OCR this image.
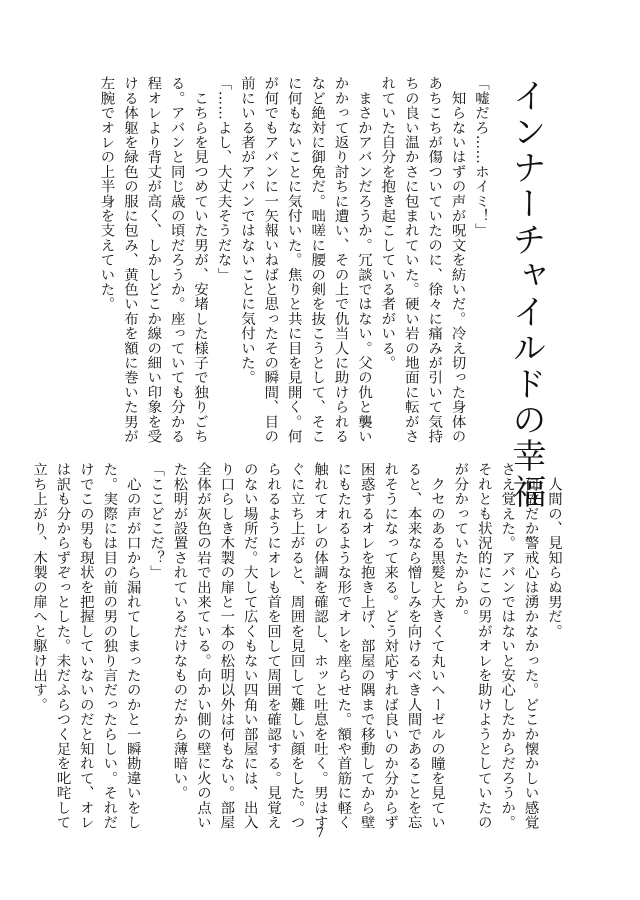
インナーチャイルドの幸福

「嘘だろ……ホイミ！」

　知らないはずの声が呪文を紡いだ。冷え切った身体の

あちこちが傷ついていたのに、徐々に痛みが引いて気持

ちの良い温かさに包まれていた。硬い岩の地面に転がさ

れていた自分を抱き起こしている者がいる。

　まさかアバンだろうか。冗談ではない。父の仇と襲い

かかって返り討ちに遭い、その上で仇当人に助けられる

など絶対に御免だ。咄嗟に腰の剣を抜こうとして、そこ

に何もないことに気付いた。焦りと共に目を見開く。何

が何でもアバンに一矢報いねばと思ったその瞬間、目の

前にいる者がアバンではないことに気付いた。

「……よし、大丈夫そうだな」

　こちらを見つめていた男が、安堵した様子で独りごち

る。アバンと同じ歳の頃だろうか。座っていても分かる

程オレより背丈が高く、しかしどこか線の細い印象を受

ける体躯を緑色の服に包み、黄色い布を額に巻いた男が

左腕でオレの上半身を支えていた。

　人間の、見知らぬ男だ。

　何故だか警戒心は湧かなかった。どこか懐かしい感覚

さえ覚えた。アバンではないと安心したからだろうか。

それとも状況的にこの男がオレを助けようとしていたの

が分かっていたからか。

　クセのある黒髪と大きくて丸いヘーゼルの瞳を見てい

ると、本来なら憎しみを向けるべき人間であることを忘

れそうになって来る。どう対応すれば良いのか分からず

困惑するオレを抱き上げ、部屋の隅まで移動してから壁

にもたれるような形でオレを座らせた。額や首筋に軽く

触れてオレの体調を確認し、ホッと吐息を吐く。男はす

ぐに立ち上がると、周囲を見回して難しい顔をした。つ

られるようにオレも首を回して周囲を確認する。見覚え

のない場所だ。大して広くもない四角い部屋には、出入

り口らしき木製の扉と一本の松明以外は何もない。部屋

全体が灰色の岩で出来ている。向かい側の壁に火の点い

た松明が設置されているだけなものだから薄暗い。

「ここどこだ？」

　心の声が口から漏れてしまったのかと一瞬勘違いをし

た。実際には目の前の男の独り言だったらしい。それだ

けでこの男も現状を把握していないのだと知れて、オレ

は訳も分からずぞっとした。未だふらつく足を叱咤して

立ち上がり、木製の扉へと駆け出す。

7
